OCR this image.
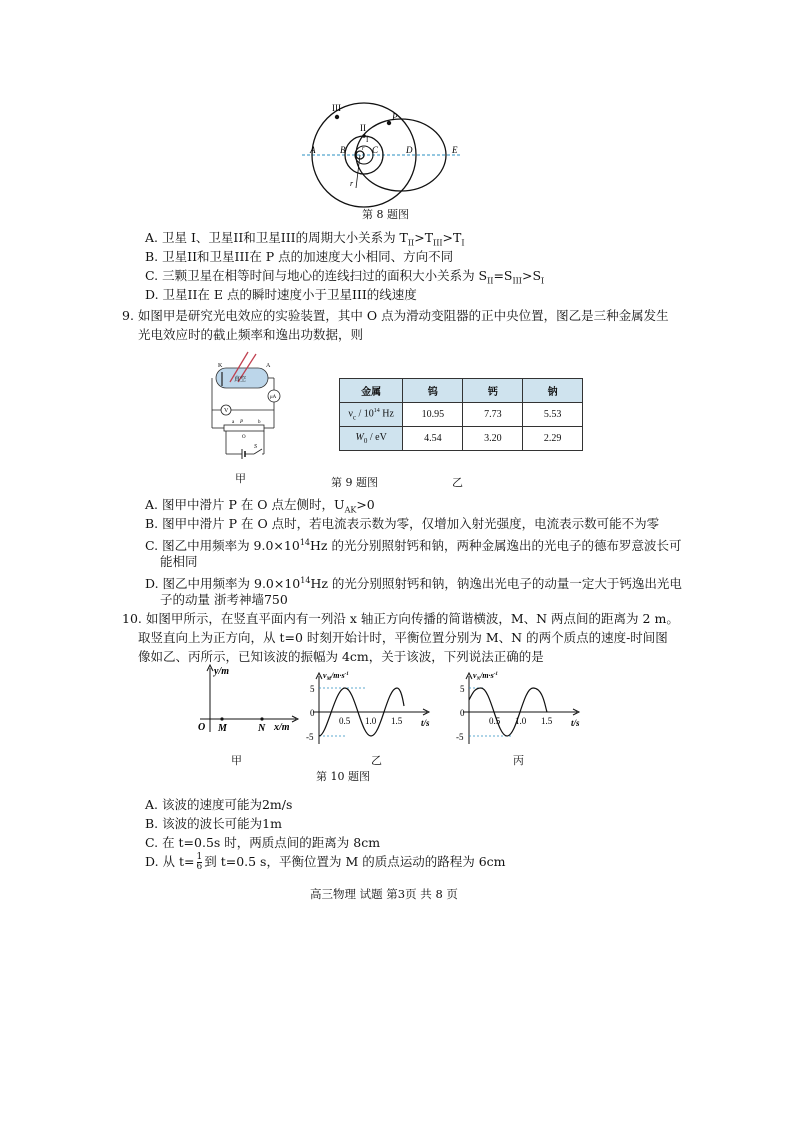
III
II
I
P
A	B	C	D	E
r
r
第 8 题图
A. 卫星 I、卫星II和卫星III的周期大小关系为 $T_{II}>T_{III}>T_I$
B. 卫星II和卫星III在 P 点的加速度大小相同、方向不同
C. 三颗卫星在相等时间与地心的连线扫过的面积大小关系为 $S_{II}=S_{III}>S_I$
D. 卫星II在 E 点的瞬时速度小于卫星III的线速度
9. 如图甲是研究光电效应的实验装置，其中 O 点为滑动变阻器的正中央位置，图乙是三种金属发生
光电效应时的截止频率和逸出功数据，则
真空
K	A
μA
V
a P	b
O
S
金属	钨	钙	钠
$\nu_c / 10^{14}$ Hz	10.95	7.73	5.53
$W_0$ / eV	4.54	3.20	2.29
第 9 题图
甲	乙
A. 图甲中滑片 P 在 O 点左侧时，$U_{AK}>0$
B. 图甲中滑片 P 在 O 点时，若电流表示数为零，仅增加入射光强度，电流表示数可能不为零
C. 图乙中用频率为 $9.0\times 10^{14}Hz$ 的光分别照射钙和钠，两种金属逸出的光电子的德布罗意波长可
能相同
D. 图乙中用频率为 $9.0\times 10^{14}Hz$ 的光分别照射钙和钠，钠逸出光电子的动量一定大于钙逸出光电
子的动量 浙考神墙750
10. 如图甲所示，在竖直平面内有一列沿 x 轴正方向传播的简谐横波，M、N 两点间的距离为 2 m。
取竖直向上为正方向，从 t=0 时刻开始计时，平衡位置分别为 M、N 的两个质点的速度-时间图
像如乙、丙所示，已知该波的振幅为 4cm，关于该波，下列说法正确的是
y/m
O M	N x/m
甲
$v_M/m\cdot s^{-1}$
5
0
-5
0.5 1.0 1.5 t/s
乙
$v_N/m\cdot s^{-1}$
5
0
-5
0.5 1.0 1.5 t/s
丙
第 10 题图
A. 该波的速度可能为2m/s
B. 该波的波长可能为1m
C. 在 t=0.5s 时，两质点间的距离为 8cm
D. 从 $t= \frac{1}{6}$ 到 t=0.5 s，平衡位置为 M 的质点运动的路程为 6cm
高三物理 试题 第3页 共 8 页
